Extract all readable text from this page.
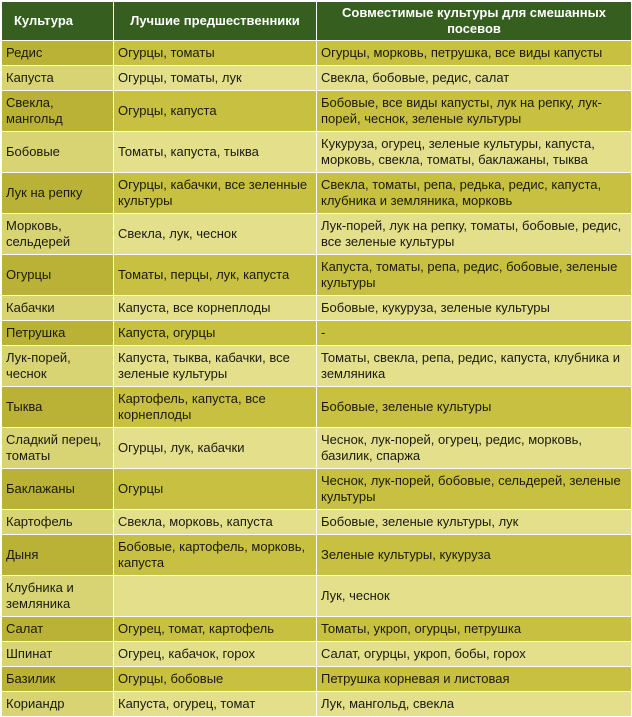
Культура	Лучшие предшественники	Совместимые культуры для смешанных посевов
Редис	Огурцы, томаты	Огурцы, морковь, петрушка, все виды капусты
Капуста	Огурцы, томаты, лук	Свекла, бобовые, редис, салат
Свекла, мангольд	Огурцы, капуста	Бобовые, все виды капусты, лук на репку, лук-порей, чеснок, зеленые культуры
Бобовые	Томаты, капуста, тыква	Кукуруза, огурец, зеленые культуры, капуста, морковь, свекла, томаты, баклажаны, тыква
Лук на репку	Огурцы, кабачки, все зеленные культуры	Свекла, томаты, репа, редька, редис, капуста, клубника и земляника, морковь
Морковь, сельдерей	Свекла, лук, чеснок	Лук-порей, лук на репку, томаты, бобовые, редис, все зеленые культуры
Огурцы	Томаты, перцы, лук, капуста	Капуста, томаты, репа, редис, бобовые, зеленые культуры
Кабачки	Капуста, все корнеплоды	Бобовые, кукуруза, зеленые культуры
Петрушка	Капуста, огурцы	-
Лук-порей, чеснок	Капуста, тыква, кабачки, все зеленые культуры	Томаты, свекла, репа, редис, капуста, клубника и земляника
Тыква	Картофель, капуста, все корнеплоды	Бобовые, зеленые культуры
Сладкий перец, томаты	Огурцы, лук, кабачки	Чеснок, лук-порей, огурец, редис, морковь, базилик, спаржа
Баклажаны	Огурцы	Чеснок, лук-порей, бобовые, сельдерей, зеленые культуры
Картофель	Свекла, морковь, капуста	Бобовые, зеленые культуры, лук
Дыня	Бобовые, картофель, морковь, капуста	Зеленые культуры, кукуруза
Клубника и земляника		Лук, чеснок
Салат	Огурец, томат, картофель	Томаты, укроп, огурцы, петрушка
Шпинат	Огурец, кабачок, горох	Салат, огурцы, укроп, бобы, горох
Базилик	Огурцы, бобовые	Петрушка корневая и листовая
Кориандр	Капуста, огурец, томат	Лук, мангольд, свекла
